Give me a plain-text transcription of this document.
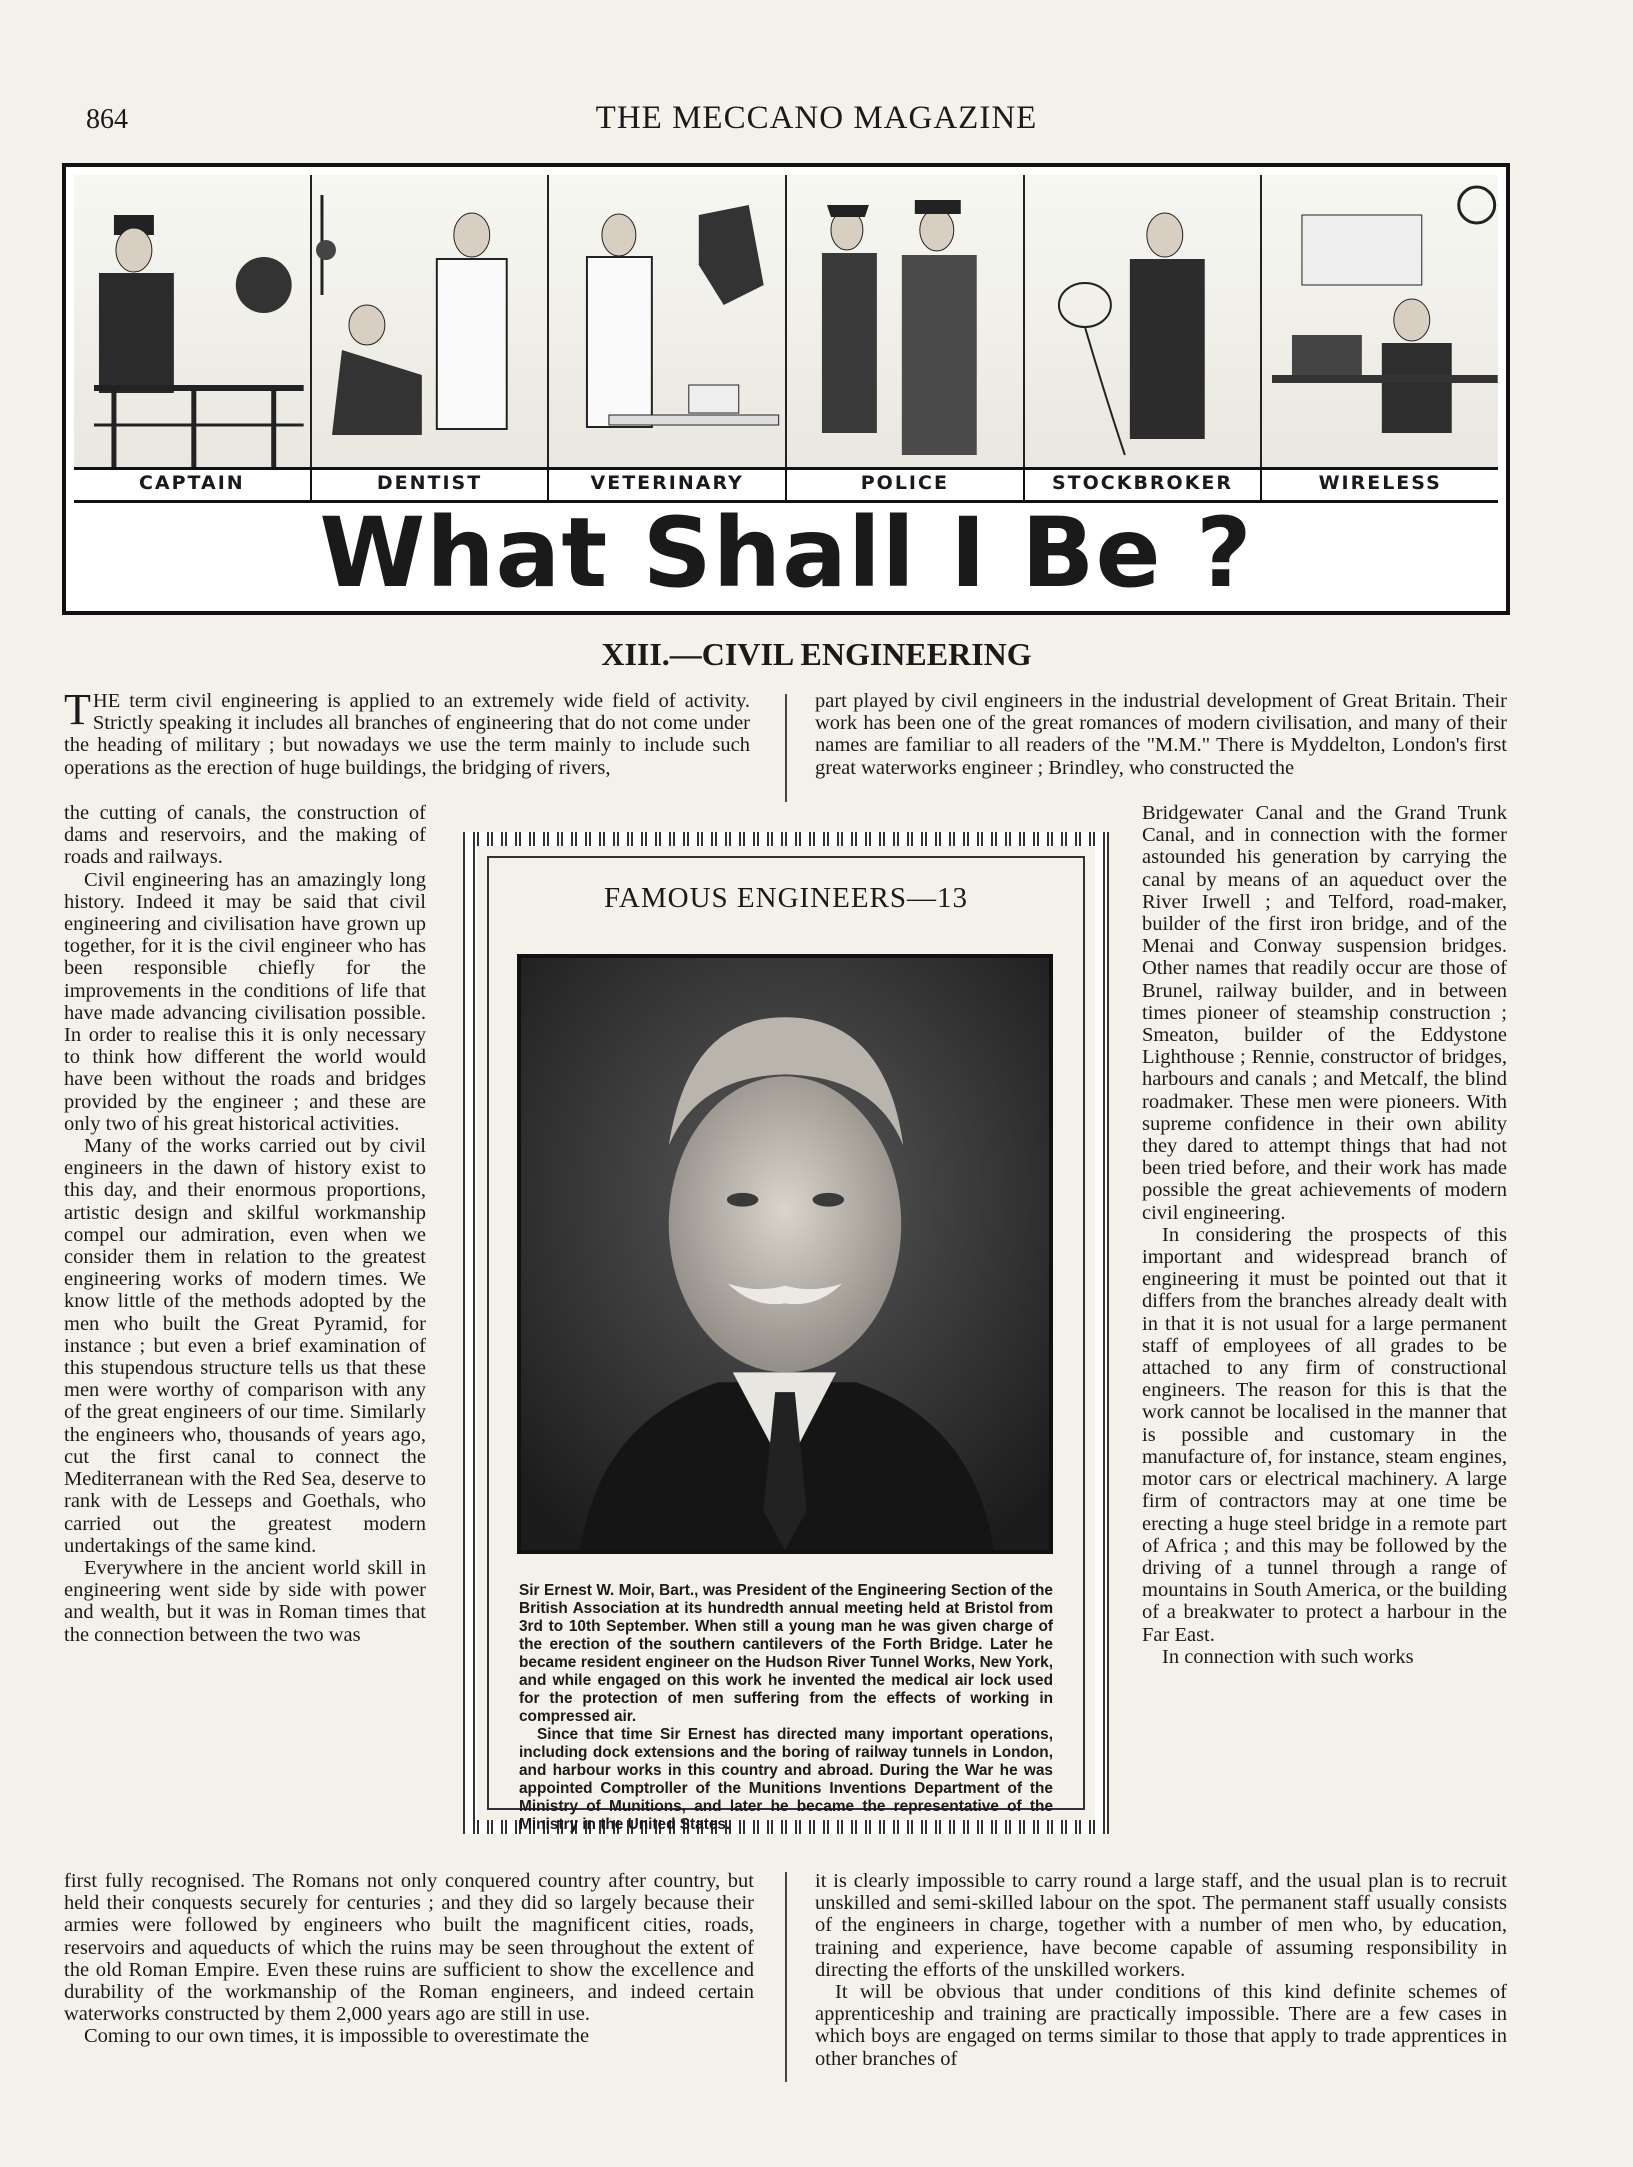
864	THE MECCANO MAGAZINE
CAPTAIN	DENTIST	VETERINARY	POLICE	STOCKBROKER	WIRELESS
What Shall I Be ?
XIII.—CIVIL ENGINEERING

THE term civil engineering is applied to an extremely wide field of activity. Strictly speaking it includes all branches of engineering that do not come under the heading of military ; but nowadays we use the term mainly to include such operations as the erection of huge buildings, the bridging of rivers,

part played by civil engineers in the industrial development of Great Britain. Their work has been one of the great romances of modern civilisation, and many of their names are familiar to all readers of the "M.M." There is Myddelton, London's first great waterworks engineer ; Brindley, who constructed the

the cutting of canals, the construction of dams and reservoirs, and the making of roads and railways.

Civil engineering has an amazingly long history. Indeed it may be said that civil engineering and civilisation have grown up together, for it is the civil engineer who has been responsible chiefly for the improvements in the conditions of life that have made advancing civilisation possible. In order to realise this it is only necessary to think how different the world would have been without the roads and bridges provided by the engineer ; and these are only two of his great historical activities.

Many of the works carried out by civil engineers in the dawn of history exist to this day, and their enormous proportions, artistic design and skilful workmanship compel our admiration, even when we consider them in relation to the greatest engineering works of modern times. We know little of the methods adopted by the men who built the Great Pyramid, for instance ; but even a brief examination of this stupendous structure tells us that these men were worthy of comparison with any of the great engineers of our time. Similarly the engineers who, thousands of years ago, cut the first canal to connect the Mediterranean with the Red Sea, deserve to rank with de Lesseps and Goethals, who carried out the greatest modern undertakings of the same kind.

Everywhere in the ancient world skill in engineering went side by side with power and wealth, but it was in Roman times that the connection between the two was

FAMOUS ENGINEERS—13

Sir Ernest W. Moir, Bart., was President of the Engineering Section of the British Association at its hundredth annual meeting held at Bristol from 3rd to 10th September. When still a young man he was given charge of the erection of the southern cantilevers of the Forth Bridge. Later he became resident engineer on the Hudson River Tunnel Works, New York, and while engaged on this work he invented the medical air lock used for the protection of men suffering from the effects of working in compressed air.

Since that time Sir Ernest has directed many important operations, including dock extensions and the boring of railway tunnels in London, and harbour works in this country and abroad. During the War he was appointed Comptroller of the Munitions Inventions Department of the Ministry of Munitions, and later he became the representative of the Ministry in the United States.

Bridgewater Canal and the Grand Trunk Canal, and in connection with the former astounded his generation by carrying the canal by means of an aqueduct over the River Irwell ; and Telford, road-maker, builder of the first iron bridge, and of the Menai and Conway suspension bridges. Other names that readily occur are those of Brunel, railway builder, and in between times pioneer of steamship construction ; Smeaton, builder of the Eddystone Lighthouse ; Rennie, constructor of bridges, harbours and canals ; and Metcalf, the blind roadmaker. These men were pioneers. With supreme confidence in their own ability they dared to attempt things that had not been tried before, and their work has made possible the great achievements of modern civil engineering.

In considering the prospects of this important and widespread branch of engineering it must be pointed out that it differs from the branches already dealt with in that it is not usual for a large permanent staff of employees of all grades to be attached to any firm of constructional engineers. The reason for this is that the work cannot be localised in the manner that is possible and customary in the manufacture of, for instance, steam engines, motor cars or electrical machinery. A large firm of contractors may at one time be erecting a huge steel bridge in a remote part of Africa ; and this may be followed by the driving of a tunnel through a range of mountains in South America, or the building of a breakwater to protect a harbour in the Far East.

In connection with such works

first fully recognised. The Romans not only conquered country after country, but held their conquests securely for centuries ; and they did so largely because their armies were followed by engineers who built the magnificent cities, roads, reservoirs and aqueducts of which the ruins may be seen throughout the extent of the old Roman Empire. Even these ruins are sufficient to show the excellence and durability of the workmanship of the Roman engineers, and indeed certain waterworks constructed by them 2,000 years ago are still in use.

Coming to our own times, it is impossible to overestimate the

it is clearly impossible to carry round a large staff, and the usual plan is to recruit unskilled and semi-skilled labour on the spot. The permanent staff usually consists of the engineers in charge, together with a number of men who, by education, training and experience, have become capable of assuming responsibility in directing the efforts of the unskilled workers.

It will be obvious that under conditions of this kind definite schemes of apprenticeship and training are practically impossible. There are a few cases in which boys are engaged on terms similar to those that apply to trade apprentices in other branches of
